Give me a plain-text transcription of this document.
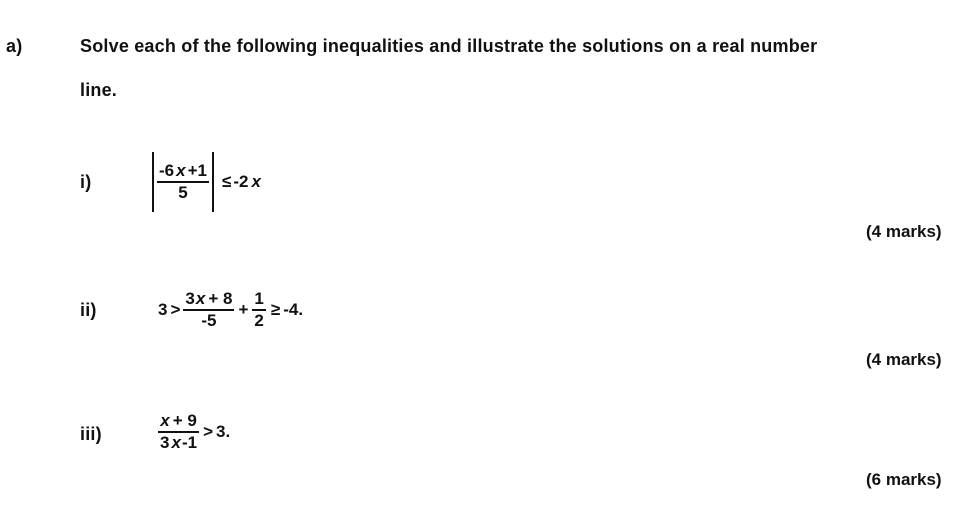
a)	Solve each of the following inequalities and illustrate the solutions on a real number
line.
i)	$\frac{-6 x +1}{5} \le -2$ x
(4 marks)
ii)	$3 > \frac{3x + 8}{-5} + \frac{1}{2} \ge -4$.
(4 marks)
iii)	$\frac{x + 9}{3 x-1} > 3$.
(6 marks)
